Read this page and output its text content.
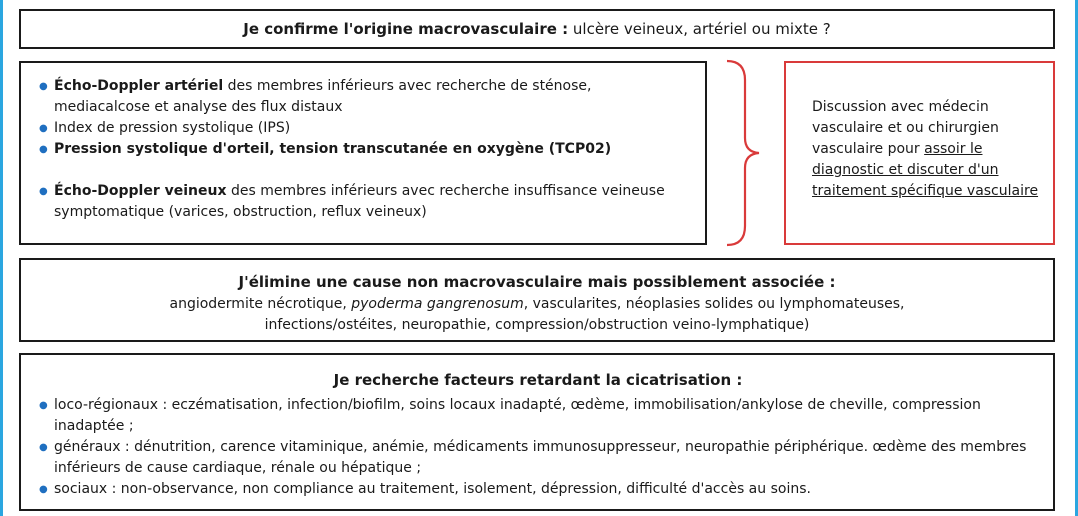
Je confirme l'origine macrovasculaire : ulcère veineux, artériel ou mixte ?
● Écho-Doppler artériel des membres inférieurs avec recherche de sténose, mediacalcose et analyse des flux distaux
● Index de pression systolique (IPS)
● Pression systolique d'orteil, tension transcutanée en oxygène (TCP02)
● Écho-Doppler veineux des membres inférieurs avec recherche insuffisance veineuse symptomatique (varices, obstruction, reflux veineux)
Discussion avec médecin vasculaire et ou chirurgien vasculaire pour assoir le diagnostic et discuter d'un traitement spécifique vasculaire
J'élimine une cause non macrovasculaire mais possiblement associée :
angiodermite nécrotique, pyoderma gangrenosum, vascularites, néoplasies solides ou lymphomateuses,
infections/ostéites, neuropathie, compression/obstruction veino-lymphatique)
Je recherche facteurs retardant la cicatrisation :
● loco-régionaux : eczématisation, infection/biofilm, soins locaux inadapté, œdème, immobilisation/ankylose de cheville, compression inadaptée ;
● généraux : dénutrition, carence vitaminique, anémie, médicaments immunosuppresseur, neuropathie périphérique. œdème des membres inférieurs de cause cardiaque, rénale ou hépatique ;
● sociaux : non-observance, non compliance au traitement, isolement, dépression, difficulté d'accès au soins.
